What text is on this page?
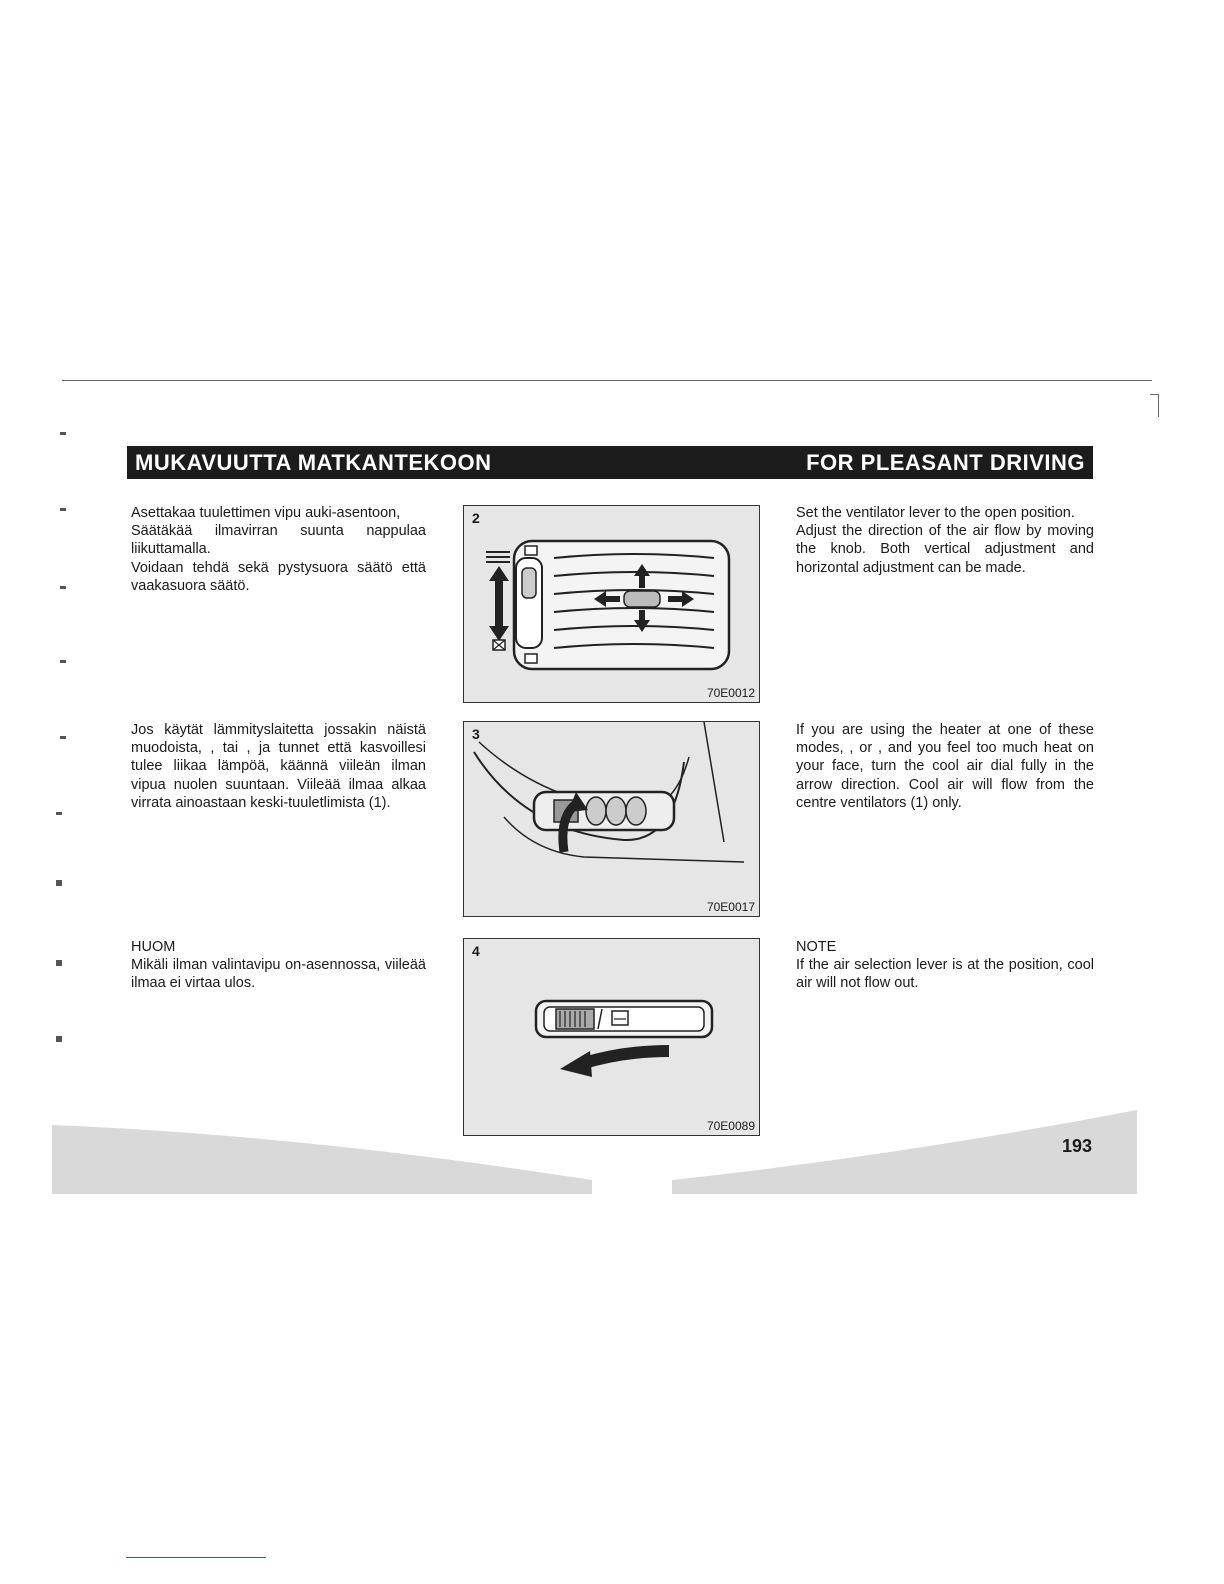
MUKAVUUTTA MATKANTEKOON	FOR PLEASANT DRIVING

Asettakaa tuulettimen vipu auki-asentoon,

Säätäkää ilmavirran suunta nappulaa liikuttamalla.

Voidaan tehdä sekä pystysuora säätö että vaakasuora säätö.

2
70E0012

Set the ventilator lever to the open position.

Adjust the direction of the air flow by moving the knob. Both vertical adjustment and horizontal adjustment can be made.

Jos käytät lämmityslaitetta jossakin näistä muodoista, , tai , ja tunnet että kasvoillesi tulee liikaa lämpöä, käännä viileän ilman vipua nuolen suuntaan. Viileää ilmaa alkaa virrata ainoastaan keski-tuuletlimista (1).

3
70E0017

If you are using the heater at one of these modes, , or , and you feel too much heat on your face, turn the cool air dial fully in the arrow direction. Cool air will flow from the centre ventilators (1) only.

HUOM

Mikäli ilman valintavipu on-asennossa, viileää ilmaa ei virtaa ulos.

4
70E0089

NOTE

If the air selection lever is at the position, cool air will not flow out.

193
